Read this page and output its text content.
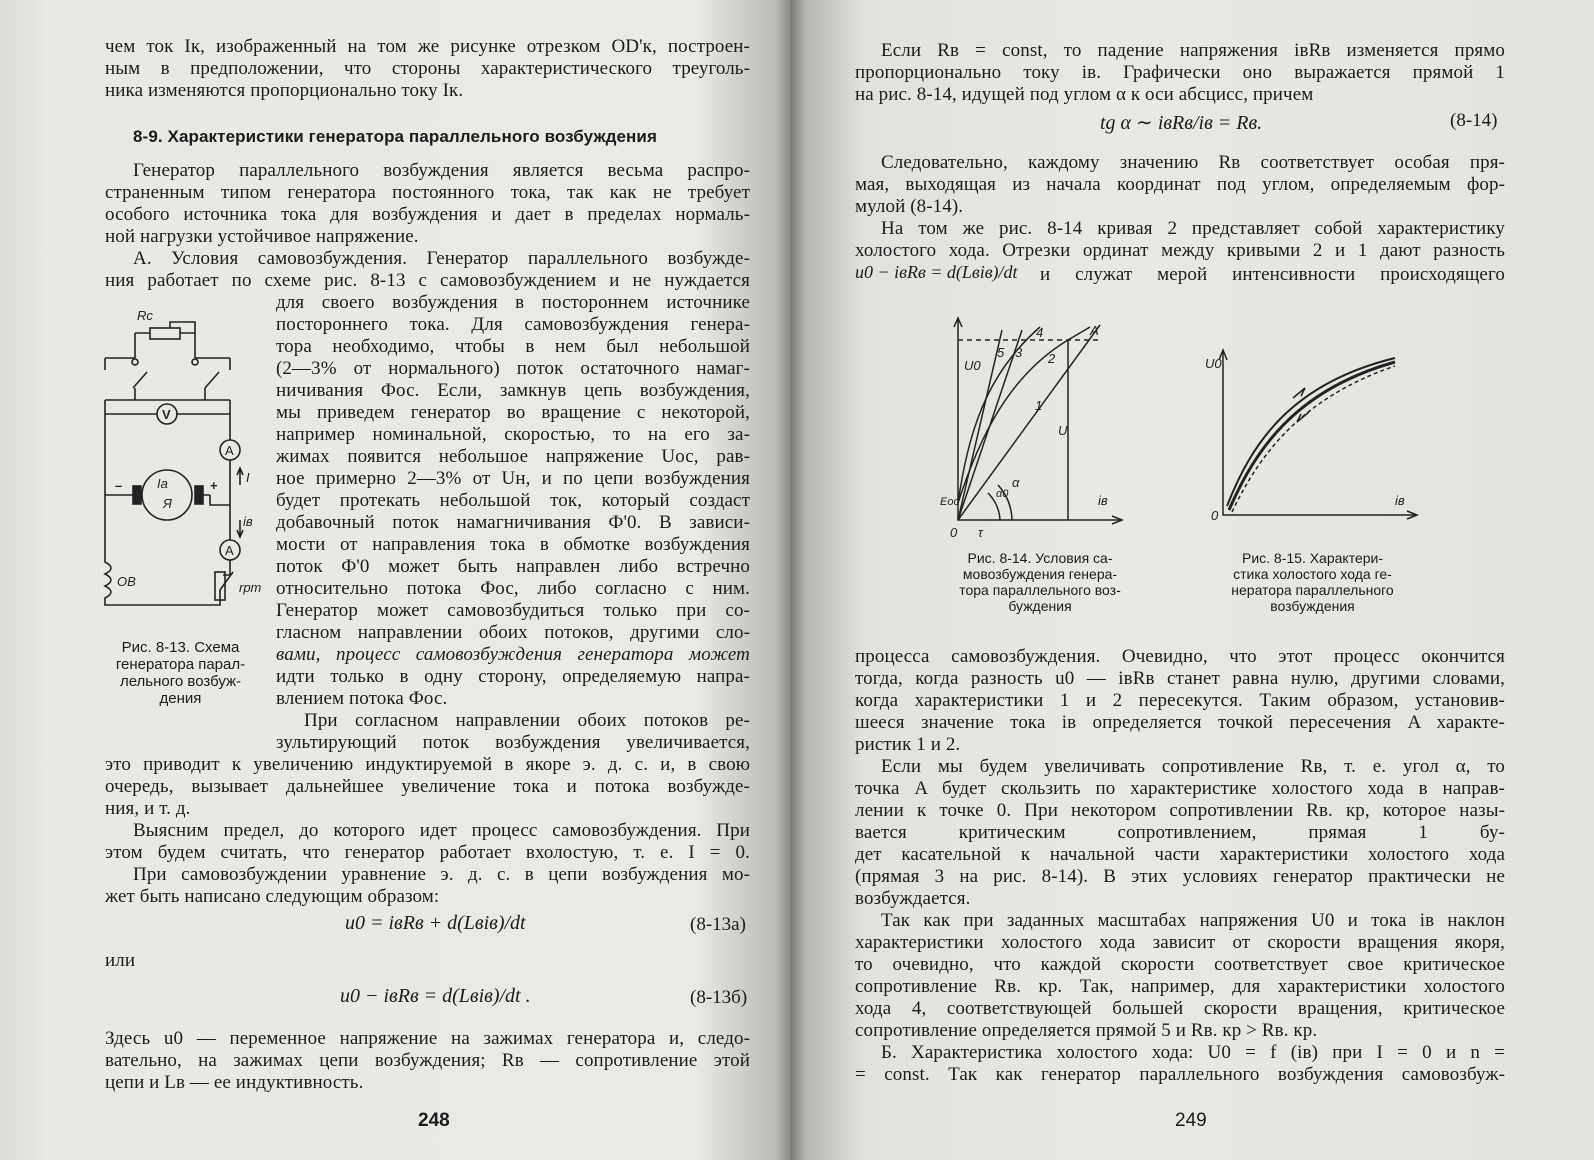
чем ток Iк, изображенный на том же рисунке отрезком OD'к, построен-
ным в предположении, что стороны характеристического треуголь-
ника изменяются пропорционально току Iк.
8-9. Характеристики генератора параллельного возбуждения
Генератор параллельного возбуждения является весьма распро-
страненным типом генератора постоянного тока, так как не требует
особого источника тока для возбуждения и дает в пределах нормаль-
ной нагрузки устойчивое напряжение.
А. Условия самовозбуждения. Генератор параллельного возбужде-
ния работает по схеме рис. 8-13 с самовозбуждением и не нуждается
для своего возбуждения в постороннем источнике
постороннего тока. Для самовозбуждения генера-
тора необходимо, чтобы в нем был небольшой
(2—3% от нормального) поток остаточного намаг-
ничивания Фос. Если, замкнув цепь возбуждения,
мы приведем генератор во вращение с некоторой,
например номинальной, скоростью, то на его за-
жимах появится небольшое напряжение Uос, рав-
ное примерно 2—3% от Uн, и по цепи возбуждения
будет протекать небольшой ток, который создаст
добавочный поток намагничивания Ф'0. В зависи-
мости от направления тока в обмотке возбуждения
поток Ф'0 может быть направлен либо встречно
относительно потока Фос, либо согласно с ним.
Генератор может самовозбудиться только при со-
гласном направлении обоих потоков, другими сло-
вами, процесс самовозбуждения генератора может
идти только в одну сторону, определяемую напра-
влением потока Фос.
При согласном направлении обоих потоков ре-
зультирующий поток возбуждения увеличивается,
Rc
V
A
Ia
Я
I
iв
A
ОВ	rрт
–	+
Рис. 8-13. Схема
генератора парал-
лельного возбуж-
дения
это приводит к увеличению индуктируемой в якоре э. д. с. и, в свою
очередь, вызывает дальнейшее увеличение тока и потока возбужде-
ния, и т. д.
Выясним предел, до которого идет процесс самовозбуждения. При
этом будем считать, что генератор работает вхолостую, т. е. I = 0.
При самовозбуждении уравнение э. д. с. в цепи возбуждения мо-
жет быть написано следующим образом:
u0 = iвRв + d(Lвiв)/dt	(8-13а)
или
u0 − iвRв = d(Lвiв)/dt .	(8-13б)
Здесь u0 — переменное напряжение на зажимах генератора и, следо-
вательно, на зажимах цепи возбуждения; Rв — сопротивление этой
цепи и Lв — ее индуктивность.
248
Если Rв = const, то падение напряжения iвRв изменяется прямо
пропорционально току iв. Графически оно выражается прямой 1
на рис. 8-14, идущей под углом α к оси абсцисс, причем
tg α ∼ iвRв/iв = Rв.	(8-14)
Следовательно, каждому значению Rв соответствует особая пря-
мая, выходящая из начала координат под углом, определяемым фор-
мулой (8-14).
На том же рис. 8-14 кривая 2 представляет собой характеристику
холостого хода. Отрезки ординат между кривыми 2 и 1 дают разность
u0 − iвRв = d(Lвiв)/dt и служат мерой интенсивности происходящего
U0
U
iв
Eос
0
A
α
α0
1
2
3
4
5
τ
U0
iв
0
Рис. 8-14. Условия са-
мовозбуждения генера-
тора параллельного воз-
буждения
Рис. 8-15. Характери-
стика холостого хода ге-
нератора параллельного
возбуждения
процесса самовозбуждения. Очевидно, что этот процесс окончится
тогда, когда разность u0 — iвRв станет равна нулю, другими словами,
когда характеристики 1 и 2 пересекутся. Таким образом, установив-
шееся значение тока iв определяется точкой пересечения A характе-
ристик 1 и 2.
Если мы будем увеличивать сопротивление Rв, т. е. угол α, то
точка A будет скользить по характеристике холостого хода в направ-
лении к точке 0. При некотором сопротивлении Rв. кр, которое назы-
вается критическим сопротивлением, прямая 1 бу-
дет касательной к начальной части характеристики холостого хода
(прямая 3 на рис. 8-14). В этих условиях генератор практически не
возбуждается.
Так как при заданных масштабах напряжения U0 и тока iв наклон
характеристики холостого хода зависит от скорости вращения якоря,
то очевидно, что каждой скорости соответствует свое критическое
сопротивление Rв. кр. Так, например, для характеристики холостого
хода 4, соответствующей большей скорости вращения, критическое
сопротивление определяется прямой 5 и Rв. кр > Rв. кр.
Б. Характеристика холостого хода: U0 = f (iв) при I = 0 и n =
= const. Так как генератор параллельного возбуждения самовозбуж-
249
